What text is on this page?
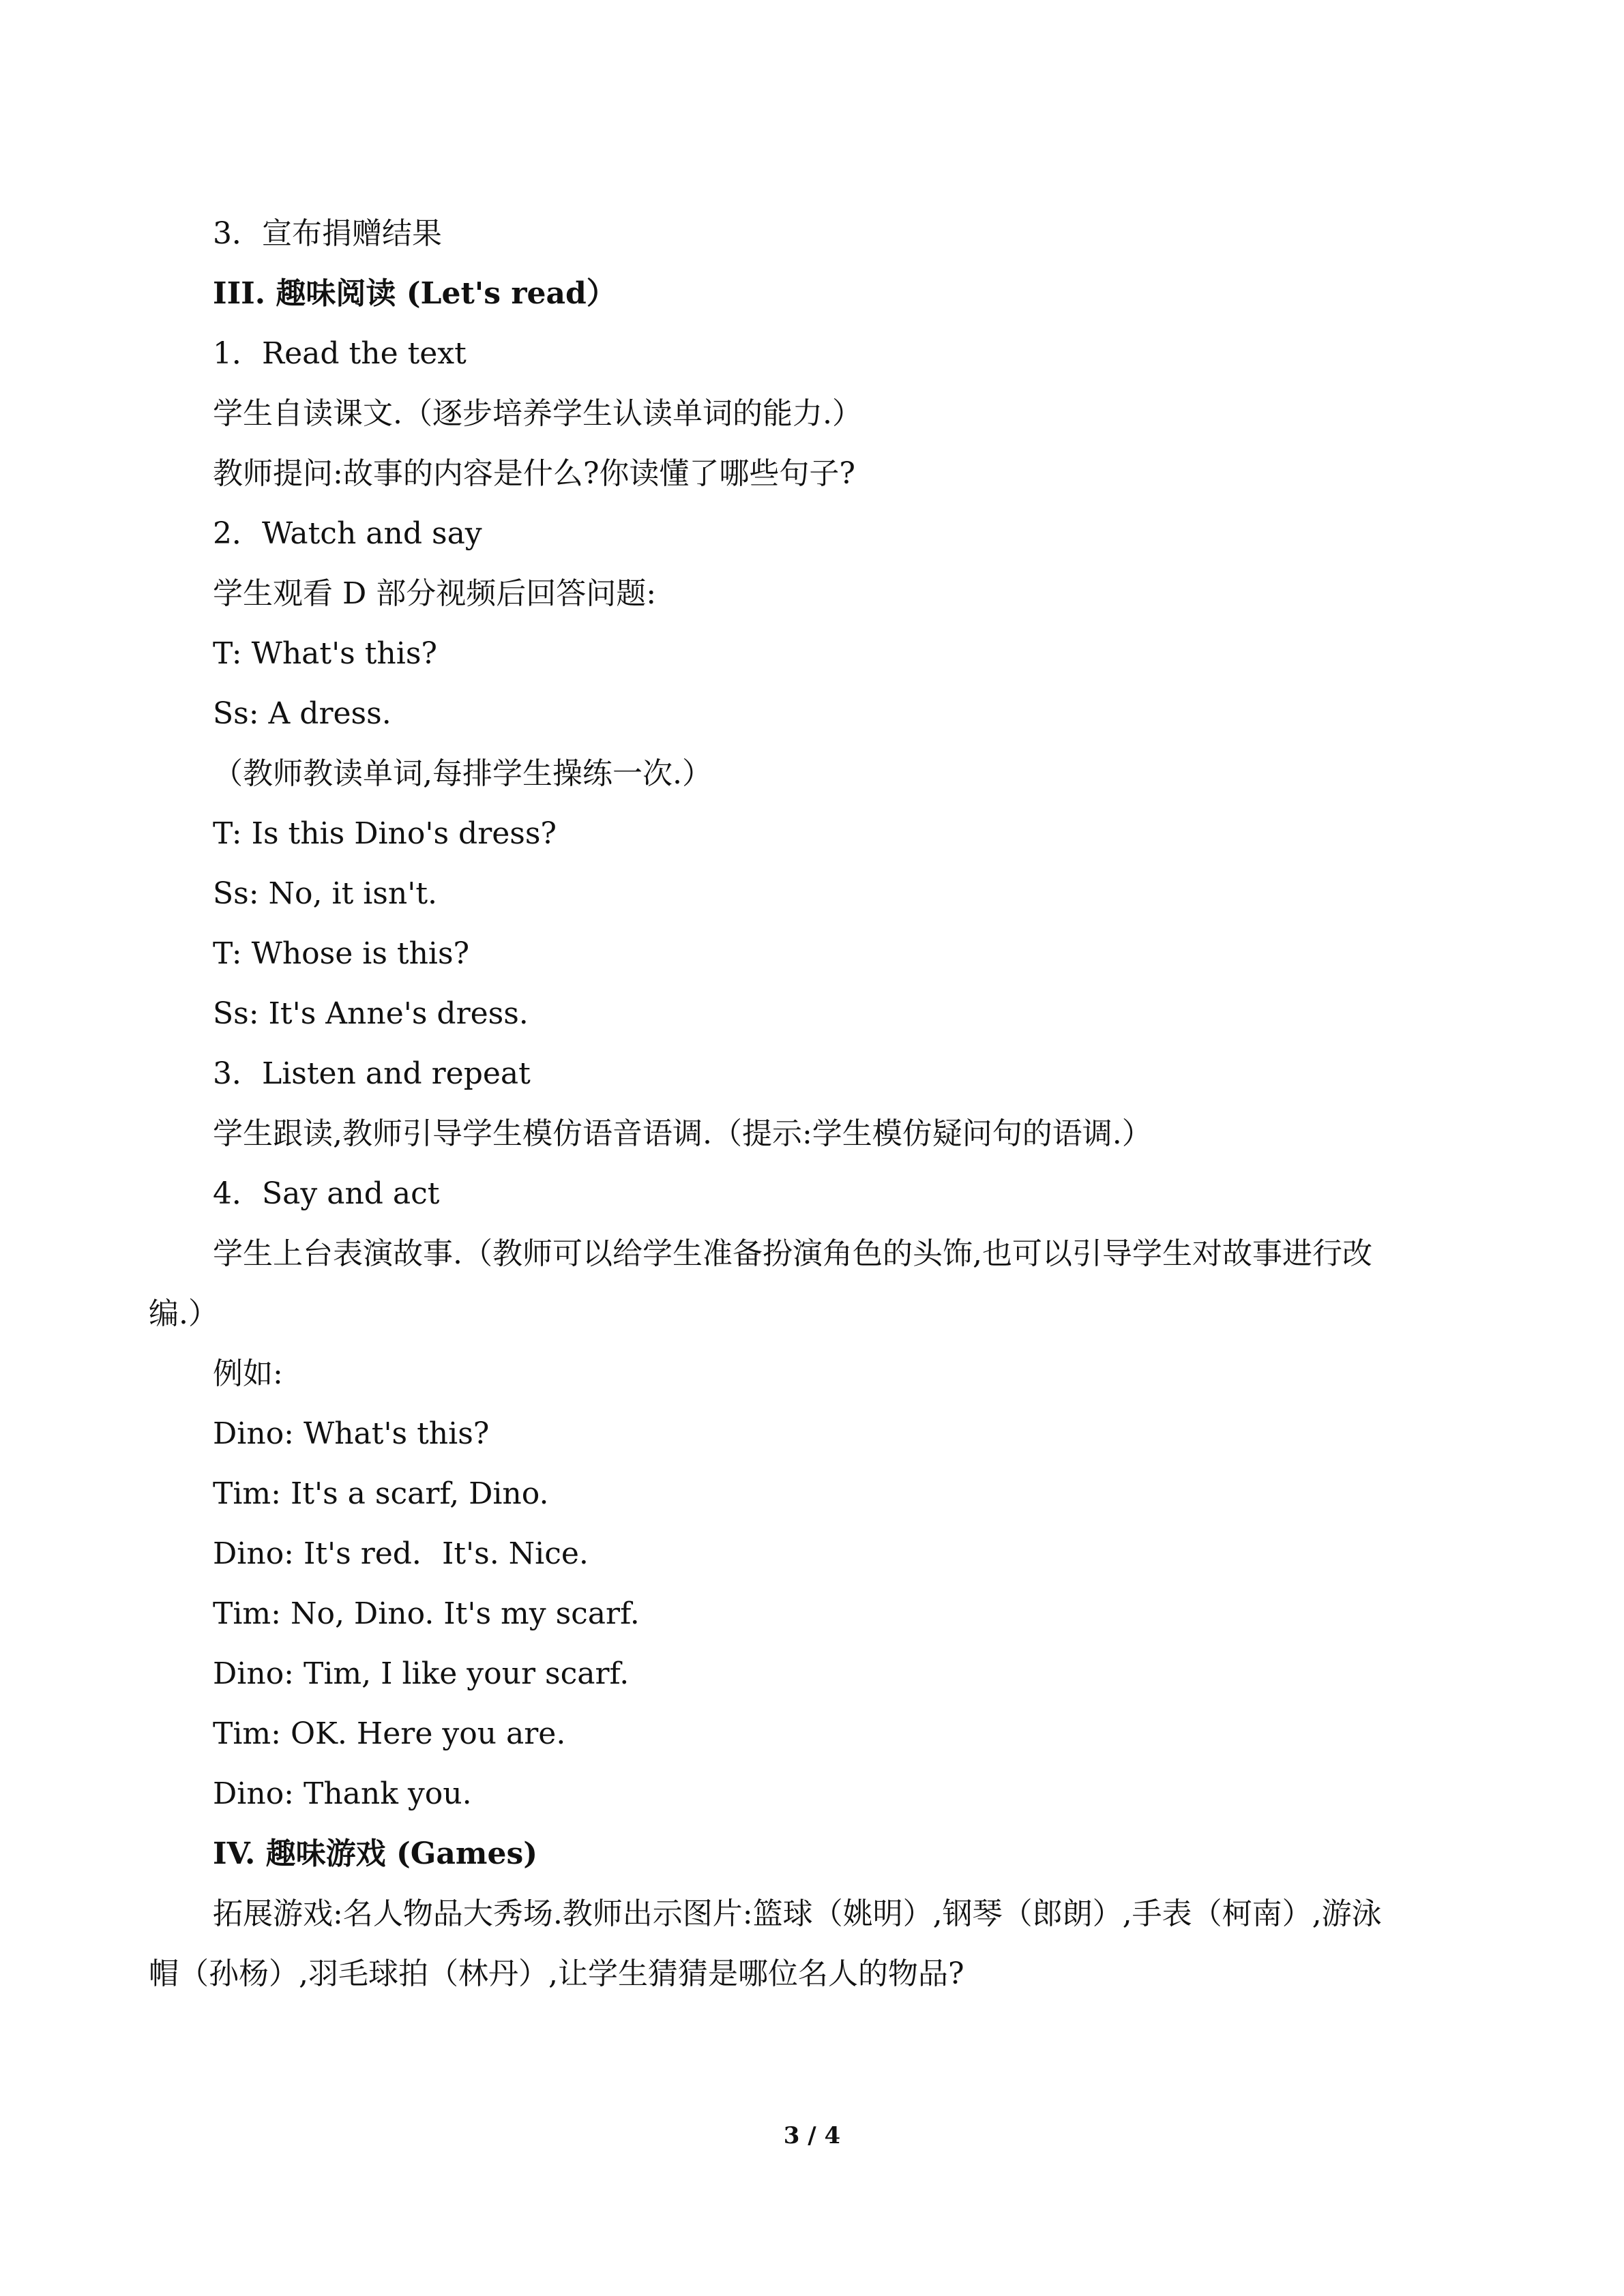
3．宣布捐赠结果
III. 趣味阅读 (Let's read）
1．Read the text
学生自读课文.（逐步培养学生认读单词的能力.）
教师提问:故事的内容是什么?你读懂了哪些句子?
2．Watch and say
学生观看 D 部分视频后回答问题:
T: What's this?
Ss: A dress.
（教师教读单词,每排学生操练一次.）
T: Is this Dino's dress?
Ss: No, it isn't.
T: Whose is this?
Ss: It's Anne's dress.
3．Listen and repeat
学生跟读,教师引导学生模仿语音语调.（提示:学生模仿疑问句的语调.）
4．Say and act
学生上台表演故事.（教师可以给学生准备扮演角色的头饰,也可以引导学生对故事进行改
编.）
例如:
Dino: What's this?
Tim: It's a scarf, Dino.
Dino: It's red．It's. Nice.
Tim: No, Dino. It's my scarf.
Dino: Tim, I like your scarf.
Tim: OK. Here you are.
Dino: Thank you.
IV. 趣味游戏 (Games)
拓展游戏:名人物品大秀场.教师出示图片:篮球（姚明）,钢琴（郎朗）,手表（柯南）,游泳
帽（孙杨）,羽毛球拍（林丹）,让学生猜猜是哪位名人的物品?
3 / 4
